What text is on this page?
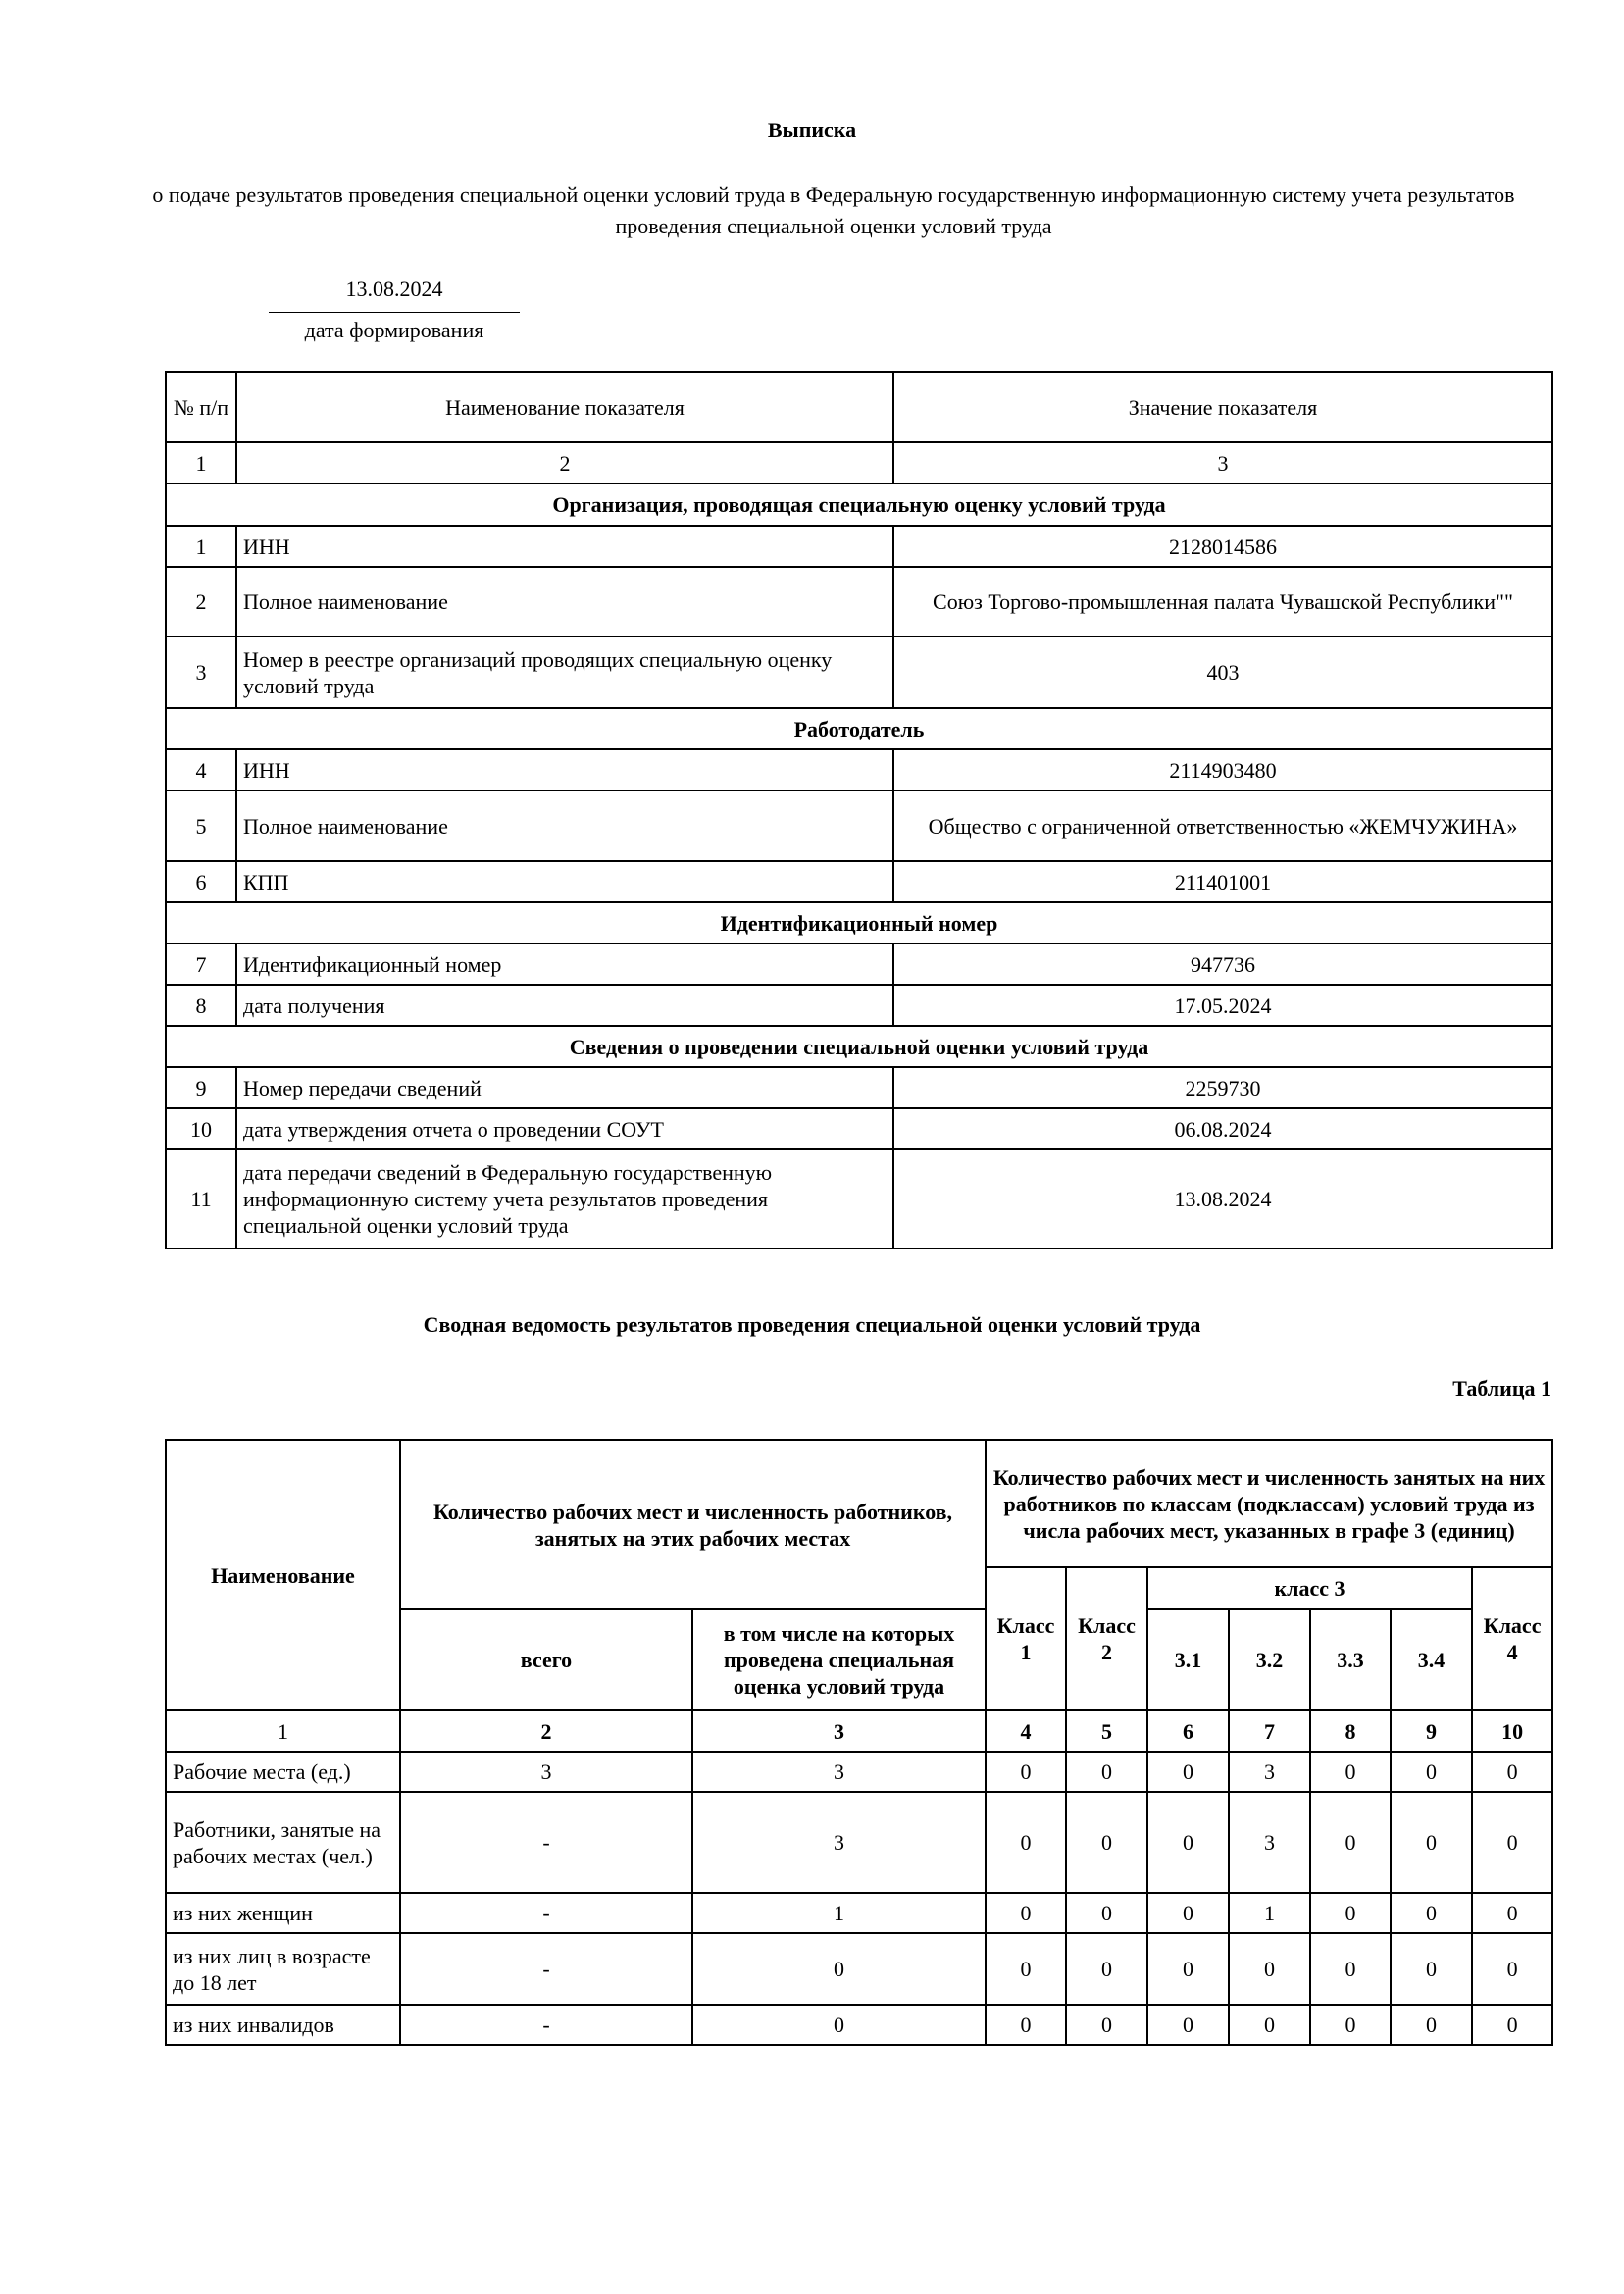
Выписка
о подаче результатов проведения специальной оценки условий труда в Федеральную государственную информационную систему учета результатов проведения специальной оценки условий труда
13.08.2024
дата формирования
№ п/п	Наименование показателя	Значение показателя
1	2	3
Организация, проводящая специальную оценку условий труда		
1	ИНН	2128014586
2	Полное наименование	Союз Торгово-промышленная палата Чувашской Республики""
3	Номер в реестре организаций проводящих специальную оценку условий труда	403
Работодатель		
4	ИНН	2114903480
5	Полное наименование	Общество с ограниченной ответственностью «ЖЕМЧУЖИНА»
6	КПП	211401001
Идентификационный номер		
7	Идентификационный номер	947736
8	дата получения	17.05.2024
Сведения о проведении специальной оценки условий труда		
9	Номер передачи сведений	2259730
10	дата утверждения отчета о проведении СОУТ	06.08.2024
11	дата передачи сведений в Федеральную государственную информационную систему учета результатов проведения специальной оценки условий труда	13.08.2024
Сводная ведомость результатов проведения специальной оценки условий труда
Таблица 1
Наименование	Количество рабочих мест и численность работников, занятых на этих рабочих местах		Количество рабочих мест и численность занятых на них работников по классам (подклассам) условий труда из числа рабочих мест, указанных в графе 3 (единиц)						
			Класс 1	Класс 2	класс 3				Класс 4
	всего	в том числе на которых проведена специальная оценка условий труда			3.1	3.2	3.3	3.4	
1	2	3	4	5	6	7	8	9	10
Рабочие места (ед.)	3	3	0	0	0	3	0	0	0
Работники, занятые на рабочих местах (чел.)	-	3	0	0	0	3	0	0	0
из них женщин	-	1	0	0	0	1	0	0	0
из них лиц в возрасте до 18 лет	-	0	0	0	0	0	0	0	0
из них инвалидов	-	0	0	0	0	0	0	0	0
